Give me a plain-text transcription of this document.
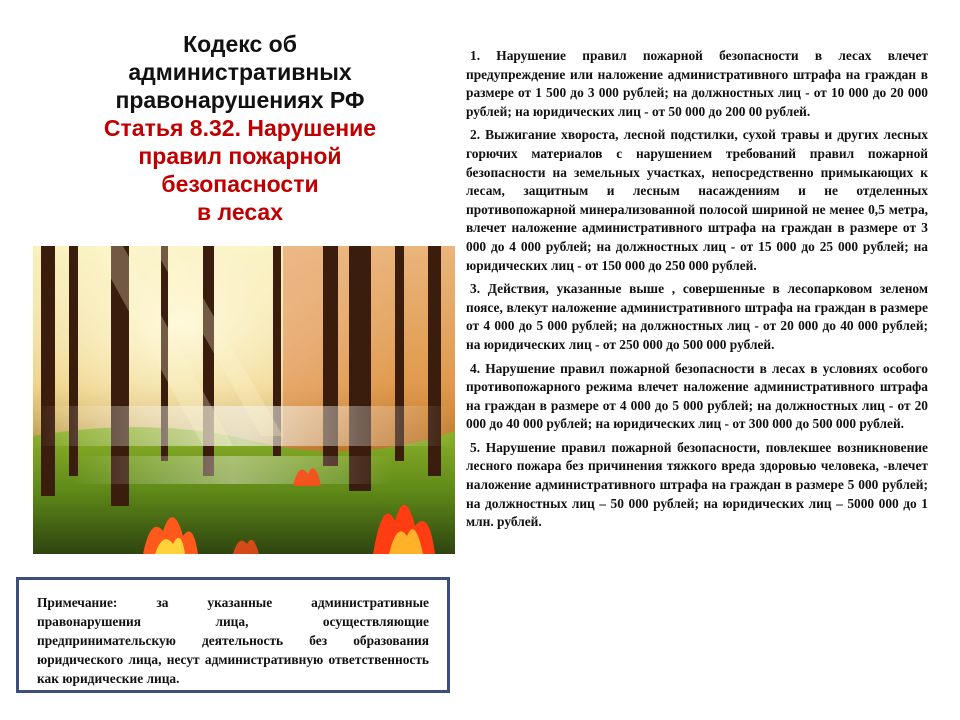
Кодекс об
административных
правонарушениях РФ
Статья 8.32. Нарушение
правил пожарной
безопасности
в лесах
Примечание: за указанные административные правонарушения лица, осуществляющие предпринимательскую деятельность без образования юридического лица, несут административную ответственность как юридические лица.

1. Нарушение правил пожарной безопасности в лесах влечет предупреждение или наложение административного штрафа на граждан в размере от 1 500 до 3 000 рублей; на должностных лиц - от 10 000 до 20 000 рублей; на юридических лиц - от 50 000 до 200 00 рублей.

2. Выжигание хвороста, лесной подстилки, сухой травы и других лесных горючих материалов с нарушением требований правил пожарной безопасности на земельных участках, непосредственно примыкающих к лесам, защитным и лесным насаждениям и не отделенных противопожарной минерализованной полосой шириной не менее 0,5 метра, влечет наложение административного штрафа на граждан в размере от 3 000 до 4 000 рублей; на должностных лиц - от 15 000 до 25 000 рублей; на юридических лиц - от 150 000 до 250 000 рублей.

3. Действия, указанные выше , совершенные в лесопарковом зеленом поясе, влекут наложение административного штрафа на граждан в размере от 4 000 до 5 000 рублей; на должностных лиц - от 20 000 до 40 000 рублей; на юридических лиц - от 250 000 до 500 000 рублей.

4. Нарушение правил пожарной безопасности в лесах в условиях особого противопожарного режима влечет наложение административного штрафа на граждан в размере от 4 000 до 5 000 рублей; на должностных лиц - от 20 000 до 40 000 рублей; на юридических лиц - от 300 000 до 500 000 рублей.

5. Нарушение правил пожарной безопасности, повлекшее возникновение лесного пожара без причинения тяжкого вреда здоровью человека, -влечет наложение административного штрафа на граждан в размере 5 000 рублей; на должностных лиц – 50 000 рублей; на юридических лиц – 5000 000 до 1 млн. рублей.
